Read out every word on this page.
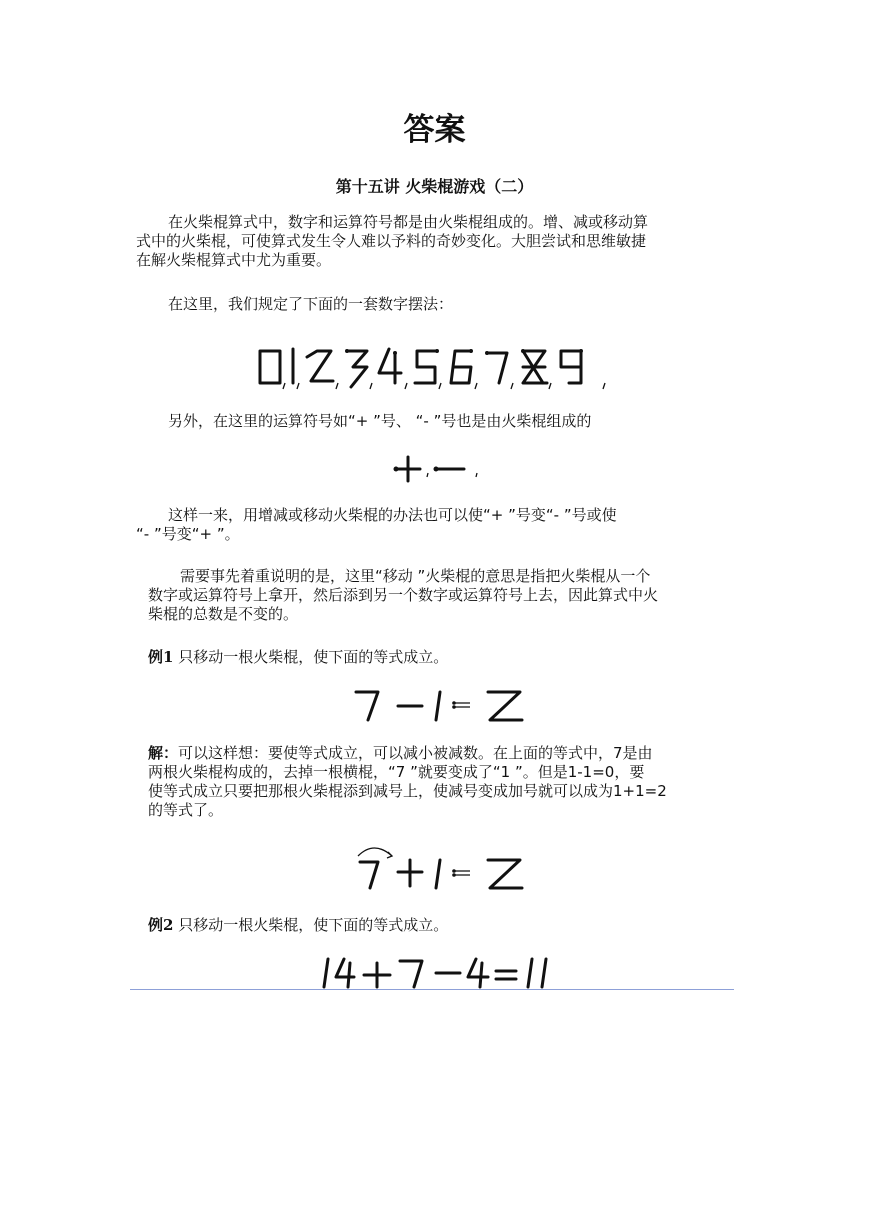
答案
第十五讲 火柴棍游戏（二）
在火柴棍算式中，数字和运算符号都是由火柴棍组成的。增、减或移动算
式中的火柴棍，可使算式发生令人难以予料的奇妙变化。大胆尝试和思维敏捷
在解火柴棍算式中尤为重要。
在这里，我们规定了下面的一套数字摆法：
另外，在这里的运算符号如“+ ”号、 “- ”号也是由火柴棍组成的
这样一来，用增减或移动火柴棍的办法也可以使“+ ”号变“- ”号或使
“- ”号变“+ ”。
需要事先着重说明的是，这里“移动 ”火柴棍的意思是指把火柴棍从一个
数字或运算符号上拿开，然后添到另一个数字或运算符号上去，因此算式中火
柴棍的总数是不变的。
例1 只移动一根火柴棍，使下面的等式成立。
解：可以这样想：要使等式成立，可以减小被减数。在上面的等式中，7是由
两根火柴棍构成的，去掉一根横棍，“7 ”就要变成了“1 ”。但是1-1=0，要
使等式成立只要把那根火柴棍添到减号上，使减号变成加号就可以成为1+1=2
的等式了。
例2 只移动一根火柴棍，使下面的等式成立。
